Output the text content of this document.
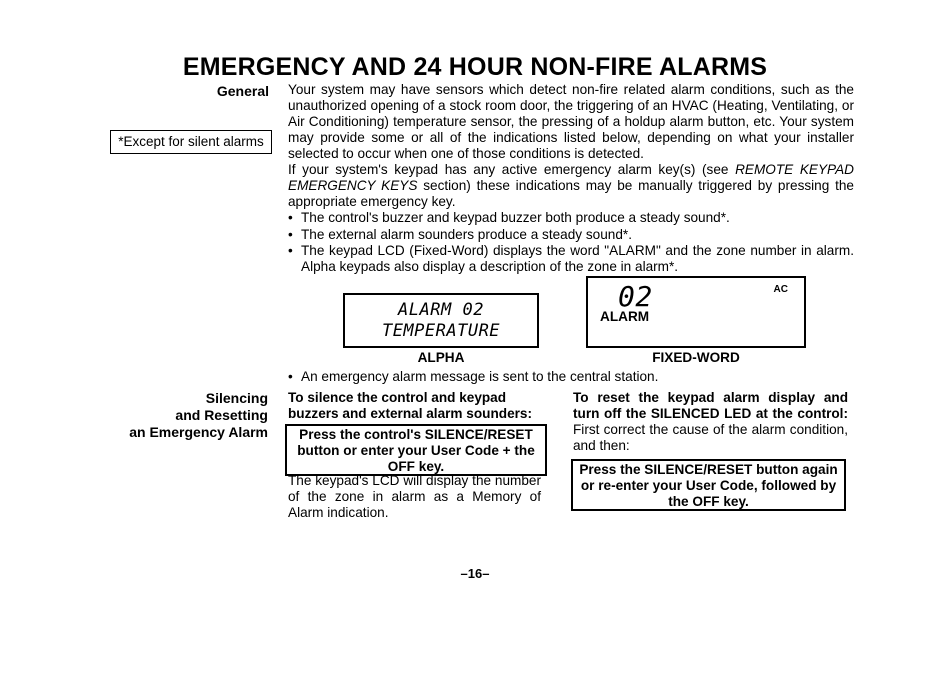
EMERGENCY AND 24 HOUR NON-FIRE ALARMS
General
*Except for silent alarms
Your system may have sensors which detect non-fire related alarm conditions, such as the unauthorized opening of a stock room door, the triggering of an HVAC (Heating, Ventilating, or Air Conditioning) temperature sensor, the pressing of a holdup alarm button, etc. Your system may provide some or all of the indications listed below, depending on what your installer selected to occur when one of those conditions is detected.
If your system's keypad has any active emergency alarm key(s) (see REMOTE KEYPAD EMERGENCY KEYS section) these indications may be manually triggered by pressing the appropriate emergency key.
• The control's buzzer and keypad buzzer both produce a steady sound*.
• The external alarm sounders produce a steady sound*.
• The keypad LCD (Fixed-Word) displays the word "ALARM" and the zone number in alarm. Alpha keypads also display a description of the zone in alarm*.
ALARM 02
TEMPERATURE
ALPHA
02	AC
ALARM
FIXED-WORD
• An emergency alarm message is sent to the central station.
Silencing
and Resetting
an Emergency Alarm
To silence the control and keypad buzzers and external alarm sounders:
Press the control's SILENCE/RESET button or enter your User Code + the OFF key.
The keypad's LCD will display the number of the zone in alarm as a Memory of Alarm indication.
To reset the keypad alarm display and turn off the SILENCED LED at the control: First correct the cause of the alarm condition, and then:
Press the SILENCE/RESET button again or re-enter your User Code, followed by the OFF key.
–16–
